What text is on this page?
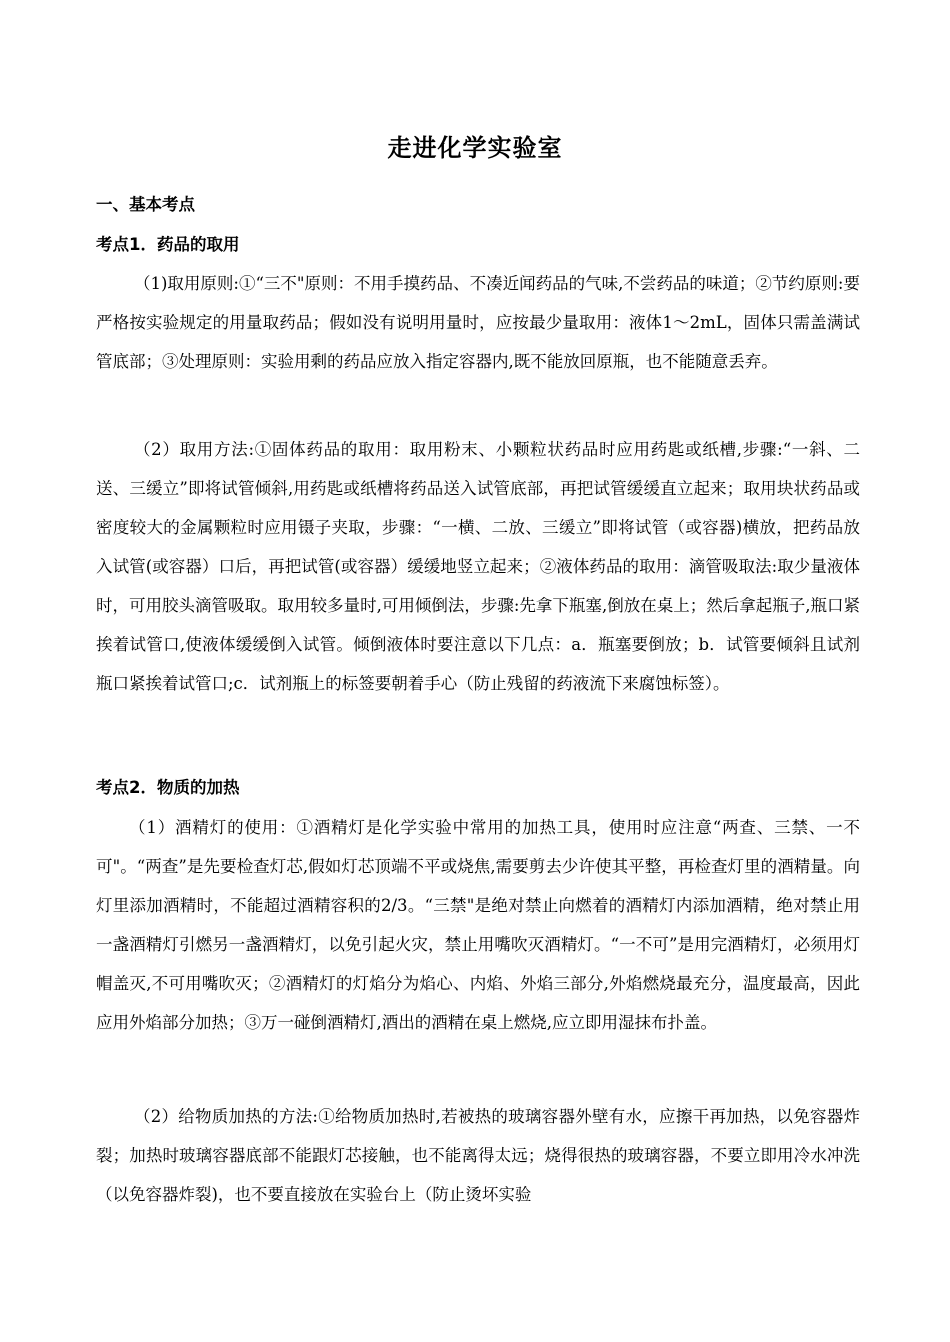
走进化学实验室
一、基本考点
考点1．药品的取用
（1)取用原则:①“三不"原则：不用手摸药品、不凑近闻药品的气味,不尝药品的味道；②节约原则:要严格按实验规定的用量取药品；假如没有说明用量时，应按最少量取用：液体1～2mL，固体只需盖满试管底部；③处理原则：实验用剩的药品应放入指定容器内,既不能放回原瓶，也不能随意丢弃。
（2）取用方法:①固体药品的取用：取用粉末、小颗粒状药品时应用药匙或纸槽,步骤:“一斜、二送、三缓立”即将试管倾斜,用药匙或纸槽将药品送入试管底部，再把试管缓缓直立起来；取用块状药品或密度较大的金属颗粒时应用镊子夹取，步骤：“一横、二放、三缓立”即将试管（或容器)横放，把药品放入试管(或容器）口后，再把试管(或容器）缓缓地竖立起来；②液体药品的取用：滴管吸取法:取少量液体时，可用胶头滴管吸取。取用较多量时,可用倾倒法，步骤:先拿下瓶塞,倒放在桌上；然后拿起瓶子,瓶口紧挨着试管口,使液体缓缓倒入试管。倾倒液体时要注意以下几点：a．瓶塞要倒放；b．试管要倾斜且试剂瓶口紧挨着试管口;c．试剂瓶上的标签要朝着手心（防止残留的药液流下来腐蚀标签）。
考点2．物质的加热
（1）酒精灯的使用：①酒精灯是化学实验中常用的加热工具，使用时应注意“两查、三禁、一不可"。“两查”是先要检查灯芯,假如灯芯顶端不平或烧焦,需要剪去少许使其平整，再检查灯里的酒精量。向灯里添加酒精时，不能超过酒精容积的2/3。“三禁"是绝对禁止向燃着的酒精灯内添加酒精，绝对禁止用一盏酒精灯引燃另一盏酒精灯，以免引起火灾，禁止用嘴吹灭酒精灯。“一不可”是用完酒精灯，必须用灯帽盖灭,不可用嘴吹灭；②酒精灯的灯焰分为焰心、内焰、外焰三部分,外焰燃烧最充分，温度最高，因此应用外焰部分加热；③万一碰倒酒精灯,酒出的酒精在桌上燃烧,应立即用湿抹布扑盖。
（2）给物质加热的方法:①给物质加热时,若被热的玻璃容器外壁有水，应擦干再加热，以免容器炸裂；加热时玻璃容器底部不能跟灯芯接触，也不能离得太远；烧得很热的玻璃容器，不要立即用冷水冲洗（以免容器炸裂)，也不要直接放在实验台上（防止烫坏实验
